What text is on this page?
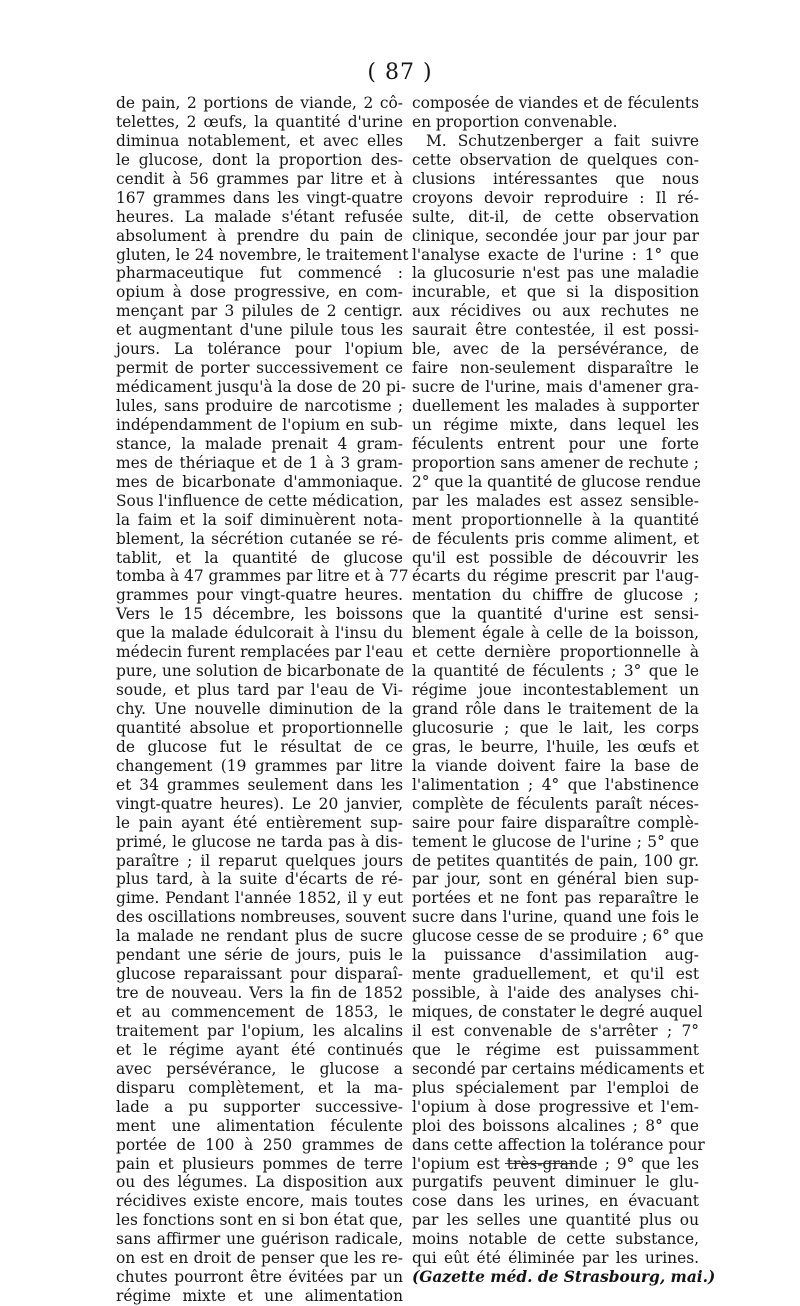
( 87 )
de pain, 2 portions de viande, 2 cô-
telettes, 2 œufs, la quantité d'urine
diminua notablement, et avec elles
le glucose, dont la proportion des-
cendit à 56 grammes par litre et à
167 grammes dans les vingt-quatre
heures. La malade s'étant refusée
absolument à prendre du pain de
gluten, le 24 novembre, le traitement
pharmaceutique fut commencé :
opium à dose progressive, en com-
mençant par 3 pilules de 2 centigr.
et augmentant d'une pilule tous les
jours. La tolérance pour l'opium
permit de porter successivement ce
médicament jusqu'à la dose de 20 pi-
lules, sans produire de narcotisme ;
indépendamment de l'opium en sub-
stance, la malade prenait 4 gram-
mes de thériaque et de 1 à 3 gram-
mes de bicarbonate d'ammoniaque.
Sous l'influence de cette médication,
la faim et la soif diminuèrent nota-
blement, la sécrétion cutanée se ré-
tablit, et la quantité de glucose
tomba à 47 grammes par litre et à 77
grammes pour vingt-quatre heures.
Vers le 15 décembre, les boissons
que la malade édulcorait à l'insu du
médecin furent remplacées par l'eau
pure, une solution de bicarbonate de
soude, et plus tard par l'eau de Vi-
chy. Une nouvelle diminution de la
quantité absolue et proportionnelle
de glucose fut le résultat de ce
changement (19 grammes par litre
et 34 grammes seulement dans les
vingt-quatre heures). Le 20 janvier,
le pain ayant été entièrement sup-
primé, le glucose ne tarda pas à dis-
paraître ; il reparut quelques jours
plus tard, à la suite d'écarts de ré-
gime. Pendant l'année 1852, il y eut
des oscillations nombreuses, souvent
la malade ne rendant plus de sucre
pendant une série de jours, puis le
glucose reparaissant pour disparaî-
tre de nouveau. Vers la fin de 1852
et au commencement de 1853, le
traitement par l'opium, les alcalins
et le régime ayant été continués
avec persévérance, le glucose a
disparu complètement, et la ma-
lade a pu supporter successive-
ment une alimentation féculente
portée de 100 à 250 grammes de
pain et plusieurs pommes de terre
ou des légumes. La disposition aux
récidives existe encore, mais toutes
les fonctions sont en si bon état que,
sans affirmer une guérison radicale,
on est en droit de penser que les re-
chutes pourront être évitées par un
régime mixte et une alimentation
composée de viandes et de féculents
en proportion convenable.
M. Schutzenberger a fait suivre
cette observation de quelques con-
clusions intéressantes que nous
croyons devoir reproduire : Il ré-
sulte, dit-il, de cette observation
clinique, secondée jour par jour par
l'analyse exacte de l'urine : 1° que
la glucosurie n'est pas une maladie
incurable, et que si la disposition
aux récidives ou aux rechutes ne
saurait être contestée, il est possi-
ble, avec de la persévérance, de
faire non-seulement disparaître le
sucre de l'urine, mais d'amener gra-
duellement les malades à supporter
un régime mixte, dans lequel les
féculents entrent pour une forte
proportion sans amener de rechute ;
2° que la quantité de glucose rendue
par les malades est assez sensible-
ment proportionnelle à la quantité
de féculents pris comme aliment, et
qu'il est possible de découvrir les
écarts du régime prescrit par l'aug-
mentation du chiffre de glucose ;
que la quantité d'urine est sensi-
blement égale à celle de la boisson,
et cette dernière proportionnelle à
la quantité de féculents ; 3° que le
régime joue incontestablement un
grand rôle dans le traitement de la
glucosurie ; que le lait, les corps
gras, le beurre, l'huile, les œufs et
la viande doivent faire la base de
l'alimentation ; 4° que l'abstinence
complète de féculents paraît néces-
saire pour faire disparaître complè-
tement le glucose de l'urine ; 5° que
de petites quantités de pain, 100 gr.
par jour, sont en général bien sup-
portées et ne font pas reparaître le
sucre dans l'urine, quand une fois le
glucose cesse de se produire ; 6° que
la puissance d'assimilation aug-
mente graduellement, et qu'il est
possible, à l'aide des analyses chi-
miques, de constater le degré auquel
il est convenable de s'arrêter ; 7°
que le régime est puissamment
secondé par certains médicaments et
plus spécialement par l'emploi de
l'opium à dose progressive et l'em-
ploi des boissons alcalines ; 8° que
dans cette affection la tolérance pour
l'opium est très-grande ; 9° que les
purgatifs peuvent diminuer le glu-
cose dans les urines, en évacuant
par les selles une quantité plus ou
moins notable de cette substance,
qui eût été éliminée par les urines.
(Gazette méd. de Strasbourg, mai.)
